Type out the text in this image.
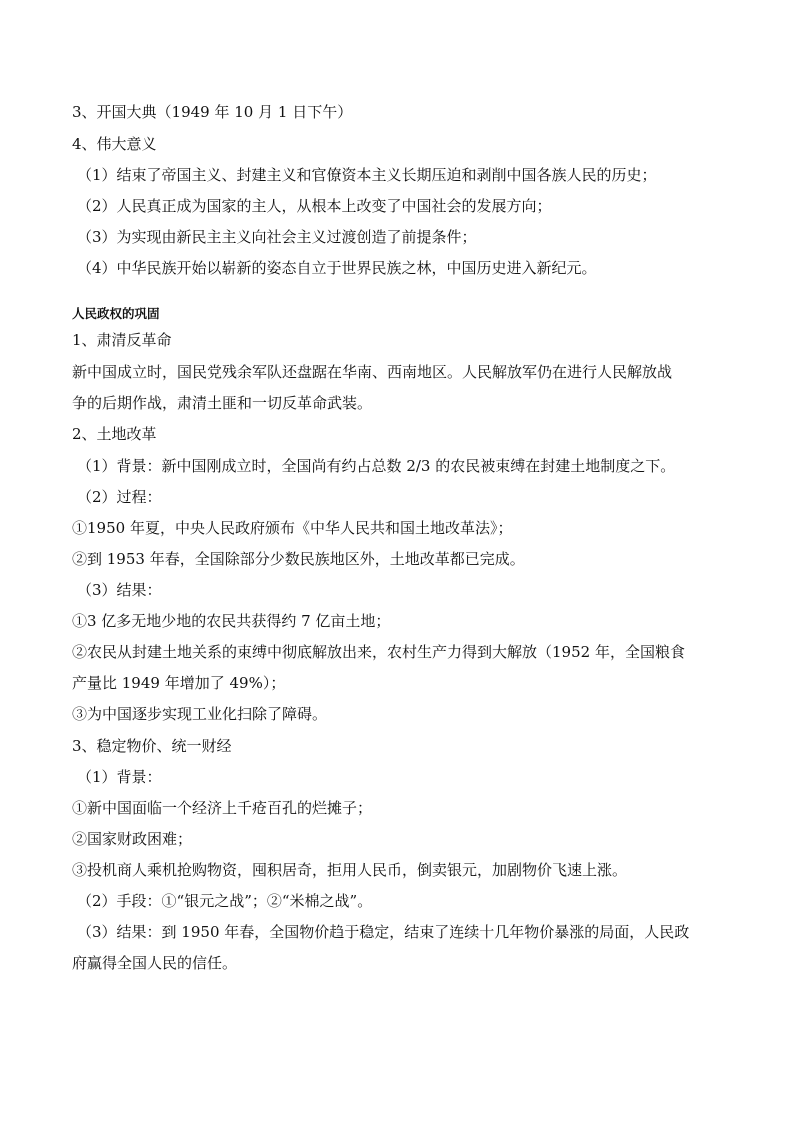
3、开国大典（1949 年 10 月 1 日下午）
4、伟大意义
（1）结束了帝国主义、封建主义和官僚资本主义长期压迫和剥削中国各族人民的历史；
（2）人民真正成为国家的主人，从根本上改变了中国社会的发展方向；
（3）为实现由新民主主义向社会主义过渡创造了前提条件；
（4）中华民族开始以崭新的姿态自立于世界民族之林，中国历史进入新纪元。
人民政权的巩固
1、肃清反革命
新中国成立时，国民党残余军队还盘踞在华南、西南地区。人民解放军仍在进行人民解放战
争的后期作战，肃清土匪和一切反革命武装。
2、土地改革
（1）背景：新中国刚成立时，全国尚有约占总数 2/3 的农民被束缚在封建土地制度之下。
（2）过程：
①1950 年夏，中央人民政府颁布《中华人民共和国土地改革法》；
②到 1953 年春，全国除部分少数民族地区外，土地改革都已完成。
（3）结果：
①3 亿多无地少地的农民共获得约 7 亿亩土地；
②农民从封建土地关系的束缚中彻底解放出来，农村生产力得到大解放（1952 年，全国粮食
产量比 1949 年增加了 49%）；
③为中国逐步实现工业化扫除了障碍。
3、稳定物价、统一财经
（1）背景：
①新中国面临一个经济上千疮百孔的烂摊子；
②国家财政困难；
③投机商人乘机抢购物资，囤积居奇，拒用人民币，倒卖银元，加剧物价飞速上涨。
（2）手段：①“银元之战”；②“米棉之战”。
（3）结果：到 1950 年春，全国物价趋于稳定，结束了连续十几年物价暴涨的局面，人民政
府赢得全国人民的信任。
